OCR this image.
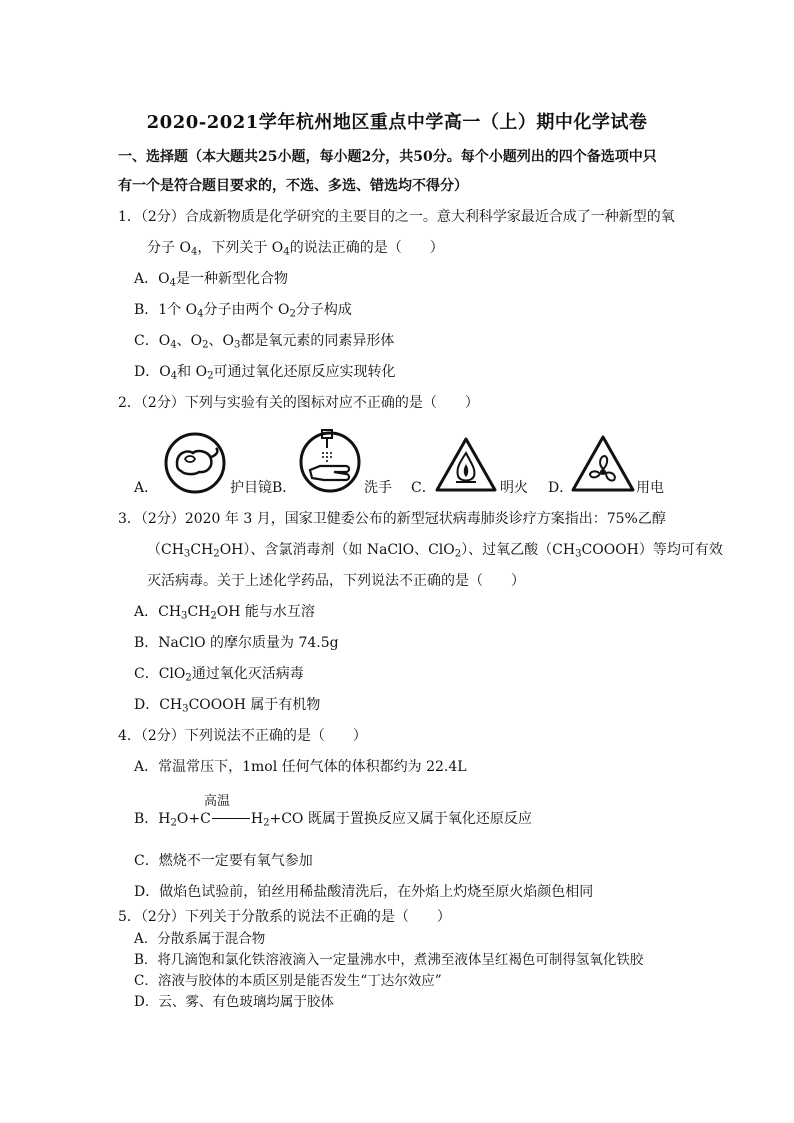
2020-2021学年杭州地区重点中学高一（上）期中化学试卷
一、选择题（本大题共25小题，每小题2分，共50分。每个小题列出的四个备选项中只
有一个是符合题目要求的，不选、多选、错选均不得分）
1．（2分）合成新物质是化学研究的主要目的之一。意大利科学家最近合成了一种新型的氧
分子 $O_4$，下列关于 $O_4$的说法正确的是（　　）
A．$O_4$是一种新型化合物
B．1个 $O_4$分子由两个 $O_2$分子构成
C．$O_4$、$O_2$、$O_3$都是氧元素的同素异形体
D．$O_4$和 $O_2$可通过氧化还原反应实现转化
2．（2分）下列与实验有关的图标对应不正确的是（　　）
A．	护目镜B．	洗手 C．	明火 D．	用电
3．（2分）2020 年 3 月，国家卫健委公布的新型冠状病毒肺炎诊疗方案指出：75%乙醇
$(CH_3CH_2OH)$、含氯消毒剂（如 NaClO、ClO$_2$）、过氧乙酸$(CH_3COOOH)$等均可有效
灭活病毒。关于上述化学药品，下列说法不正确的是（　　）
A．$CH_3CH_2OH$ 能与水互溶
B．NaClO 的摩尔质量为 74.5g
C．ClO$_2$通过氧化灭活病毒
D．$CH_3COOOH$ 属于有机物
4．（2分）下列说法不正确的是（　　）
A．常温常压下，1mol 任何气体的体积都约为 22.4L
高温
B．$H_2O+C$	$H_2+CO$ 既属于置换反应又属于氧化还原反应
C．燃烧不一定要有氧气参加
D．做焰色试验前，铂丝用稀盐酸清洗后，在外焰上灼烧至原火焰颜色相同
5．（2分）下列关于分散系的说法不正确的是（　　）
A．分散系属于混合物
B．将几滴饱和氯化铁溶液滴入一定量沸水中，煮沸至液体呈红褐色可制得氢氧化铁胶
C．溶液与胶体的本质区别是能否发生“丁达尔效应”
D．云、雾、有色玻璃均属于胶体
